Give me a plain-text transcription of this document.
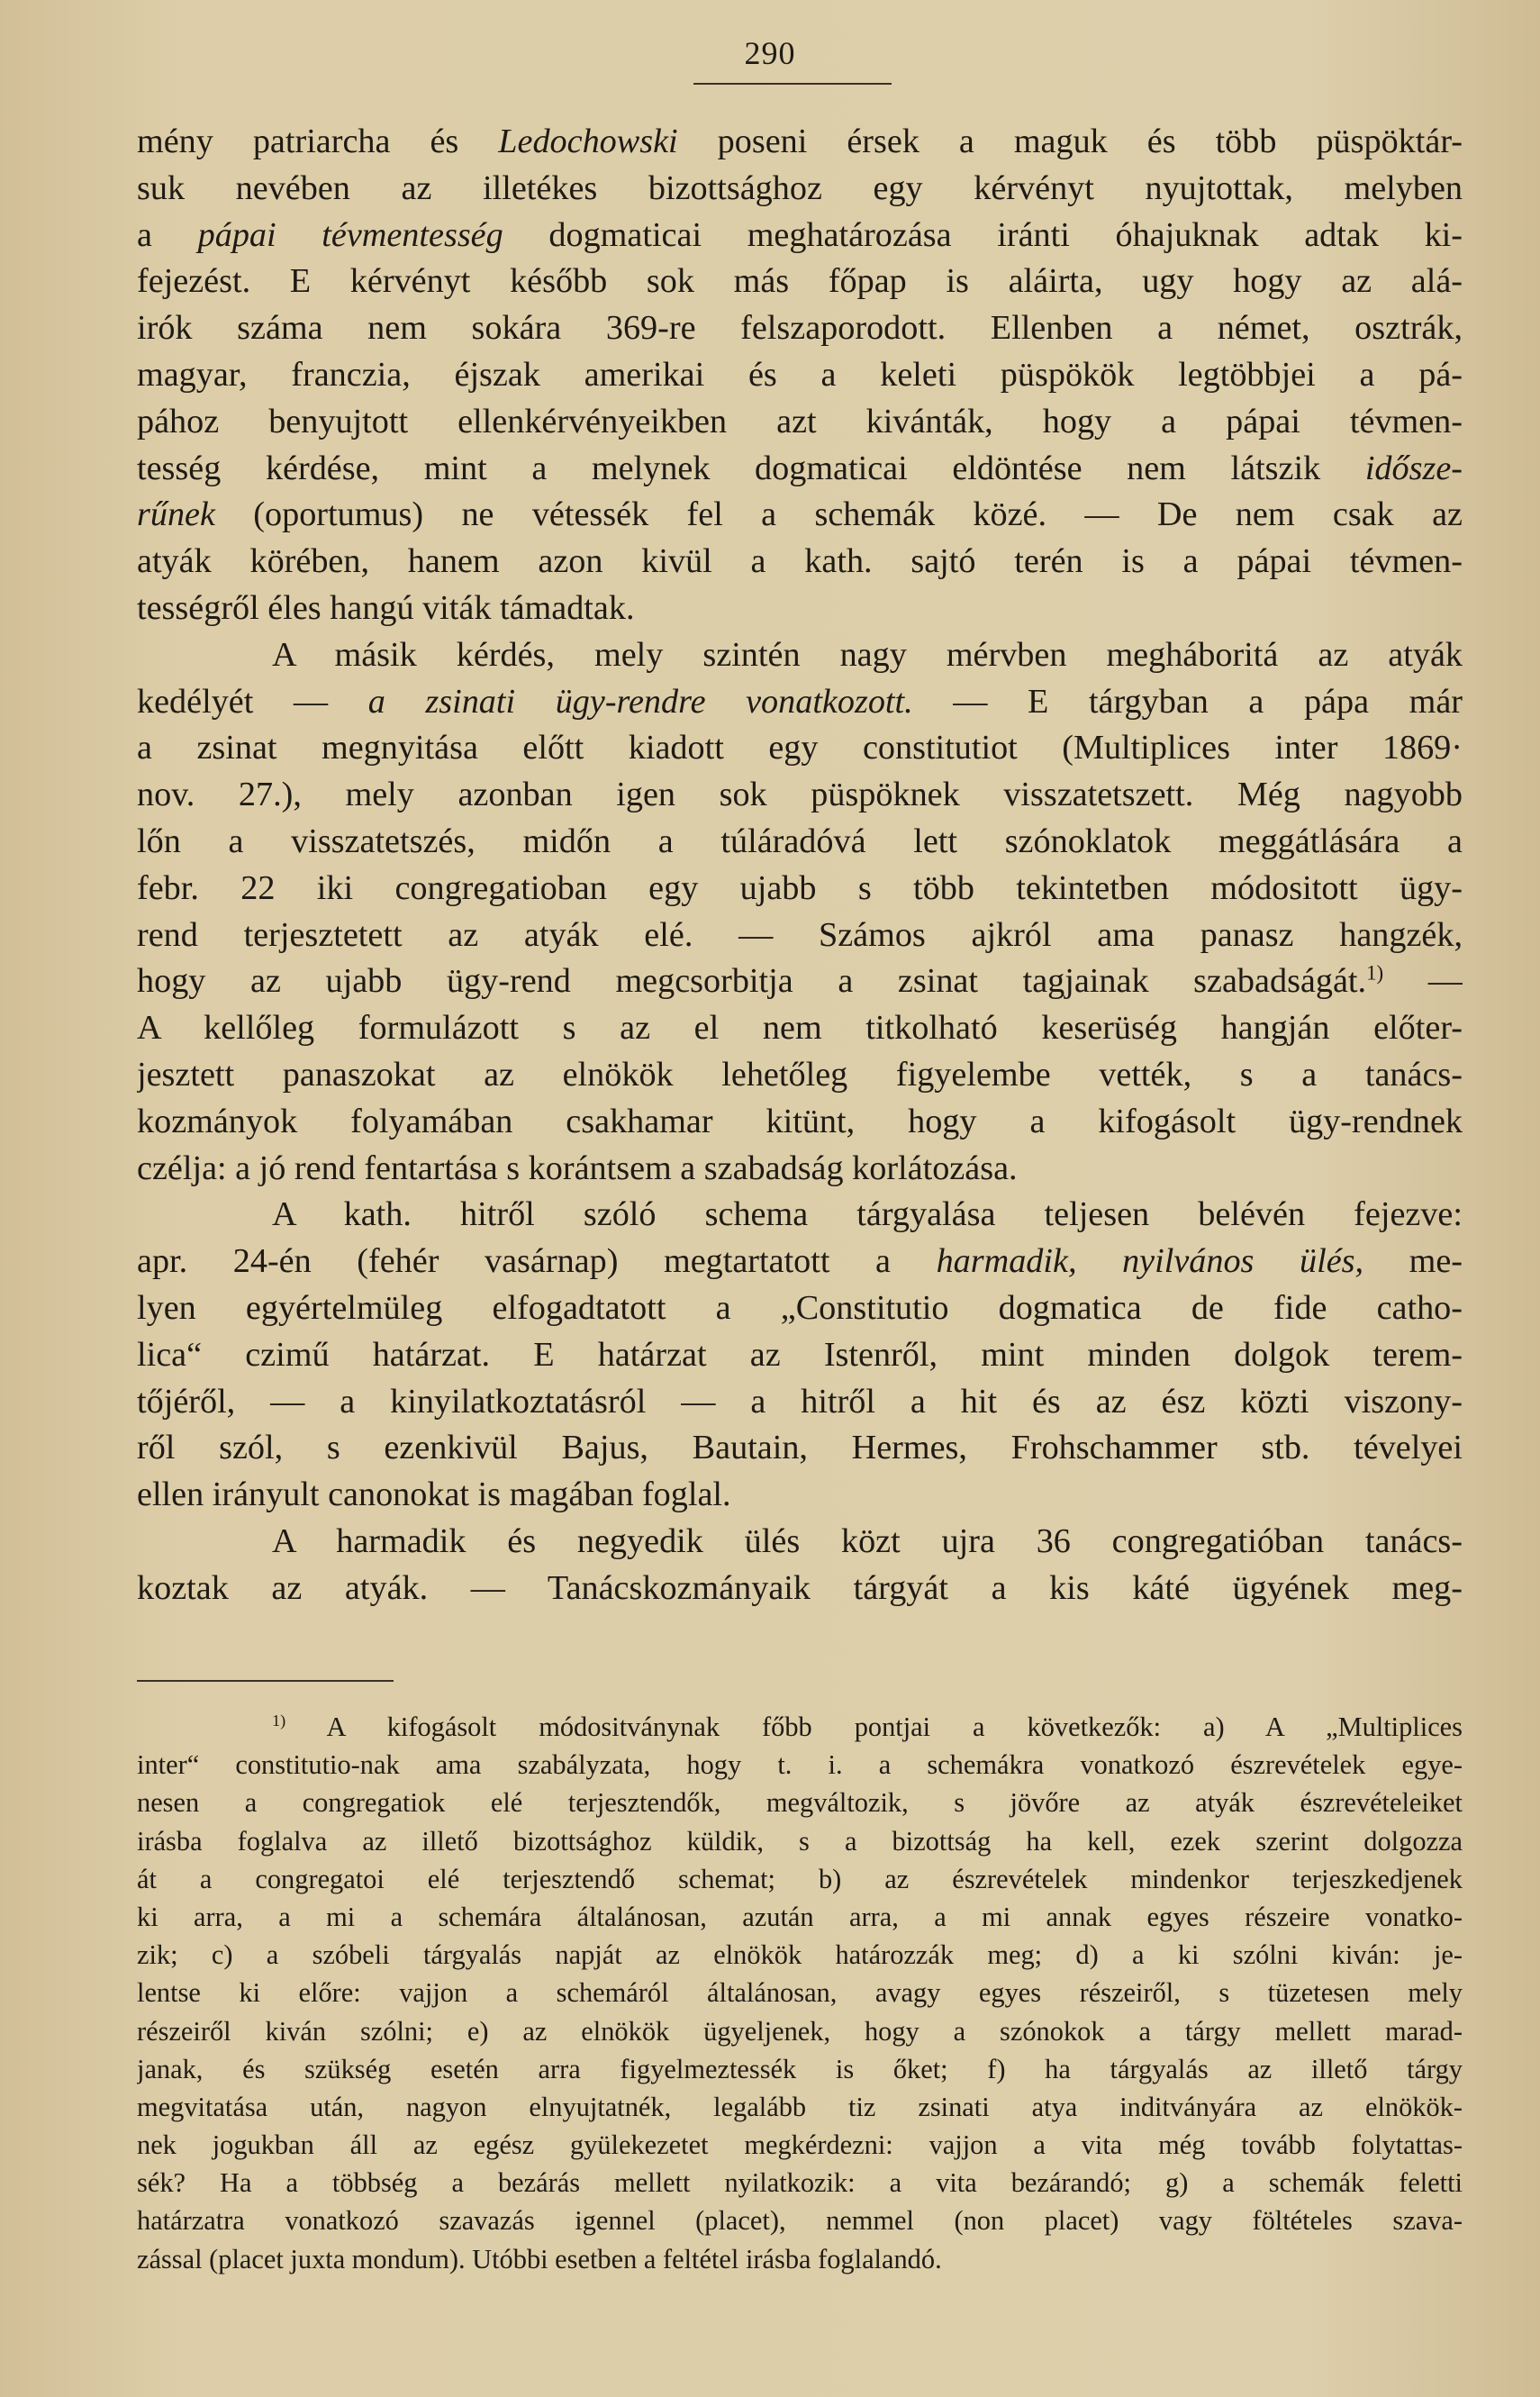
290
mény patriarcha és Ledochowski poseni érsek a maguk és több püspöktár-
suk nevében az illetékes bizottsághoz egy kérvényt nyujtottak, melyben
a pápai tévmentesség dogmaticai meghatározása iránti óhajuknak adtak ki-
fejezést. E kérvényt később sok más főpap is aláirta, ugy hogy az alá-
irók száma nem sokára 369-re felszaporodott. Ellenben a német, osztrák,
magyar, franczia, éjszak amerikai és a keleti püspökök legtöbbjei a pá-
pához benyujtott ellenkérvényeikben azt kivánták, hogy a pápai tévmen-
tesség kérdése, mint a melynek dogmaticai eldöntése nem látszik idősze-
rűnek (oportumus) ne vétessék fel a schemák közé. — De nem csak az
atyák körében, hanem azon kivül a kath. sajtó terén is a pápai tévmen-
tességről éles hangú viták támadtak.
A másik kérdés, mely szintén nagy mérvben megháboritá az atyák
kedélyét — a zsinati ügy-rendre vonatkozott. — E tárgyban a pápa már
a zsinat megnyitása előtt kiadott egy constitutiot (Multiplices inter 1869·
nov. 27.), mely azonban igen sok püspöknek visszatetszett. Még nagyobb
lőn a visszatetszés, midőn a túláradóvá lett szónoklatok meggátlására a
febr. 22 iki congregatioban egy ujabb s több tekintetben módositott ügy-
rend terjesztetett az atyák elé. — Számos ajkról ama panasz hangzék,
hogy az ujabb ügy-rend megcsorbitja a zsinat tagjainak szabadságát.$^{1)}$ —
A kellőleg formulázott s az el nem titkolható keserüség hangján előter-
jesztett panaszokat az elnökök lehetőleg figyelembe vették, s a tanács-
kozmányok folyamában csakhamar kitünt, hogy a kifogásolt ügy-rendnek
czélja: a jó rend fentartása s korántsem a szabadság korlátozása.
A kath. hitről szóló schema tárgyalása teljesen belévén fejezve:
apr. 24-én (fehér vasárnap) megtartatott a harmadik, nyilvános ülés, me-
lyen egyértelmüleg elfogadtatott a „Constitutio dogmatica de fide catho-
lica“ czimű határzat. E határzat az Istenről, mint minden dolgok terem-
tőjéről, — a kinyilatkoztatásról — a hitről a hit és az ész közti viszony-
ről szól, s ezenkivül Bajus, Bautain, Hermes, Frohschammer stb. tévelyei
ellen irányult canonokat is magában foglal.
A harmadik és negyedik ülés közt ujra 36 congregatióban tanács-
koztak az atyák. — Tanácskozmányaik tárgyát a kis káté ügyének meg-
$^{1)}$ A kifogásolt módositványnak főbb pontjai a következők: a) A „Multiplices
inter“ constitutio-nak ama szabályzata, hogy t. i. a schemákra vonatkozó észrevételek egye-
nesen a congregatiok elé terjesztendők, megváltozik, s jövőre az atyák észrevételeiket
irásba foglalva az illető bizottsághoz küldik, s a bizottság ha kell, ezek szerint dolgozza
át a congregatoi elé terjesztendő schemat; b) az észrevételek mindenkor terjeszkedjenek
ki arra, a mi a schemára általánosan, azután arra, a mi annak egyes részeire vonatko-
zik; c) a szóbeli tárgyalás napját az elnökök határozzák meg; d) a ki szólni kiván: je-
lentse ki előre: vajjon a schemáról általánosan, avagy egyes részeiről, s tüzetesen mely
részeiről kiván szólni; e) az elnökök ügyeljenek, hogy a szónokok a tárgy mellett marad-
janak, és szükség esetén arra figyelmeztessék is őket; f) ha tárgyalás az illető tárgy
megvitatása után, nagyon elnyujtatnék, legalább tiz zsinati atya inditványára az elnökök-
nek jogukban áll az egész gyülekezetet megkérdezni: vajjon a vita még tovább folytattas-
sék? Ha a többség a bezárás mellett nyilatkozik: a vita bezárandó; g) a schemák feletti
határzatra vonatkozó szavazás igennel (placet), nemmel (non placet) vagy föltételes szava-
zással (placet juxta mondum). Utóbbi esetben a feltétel irásba foglalandó.
